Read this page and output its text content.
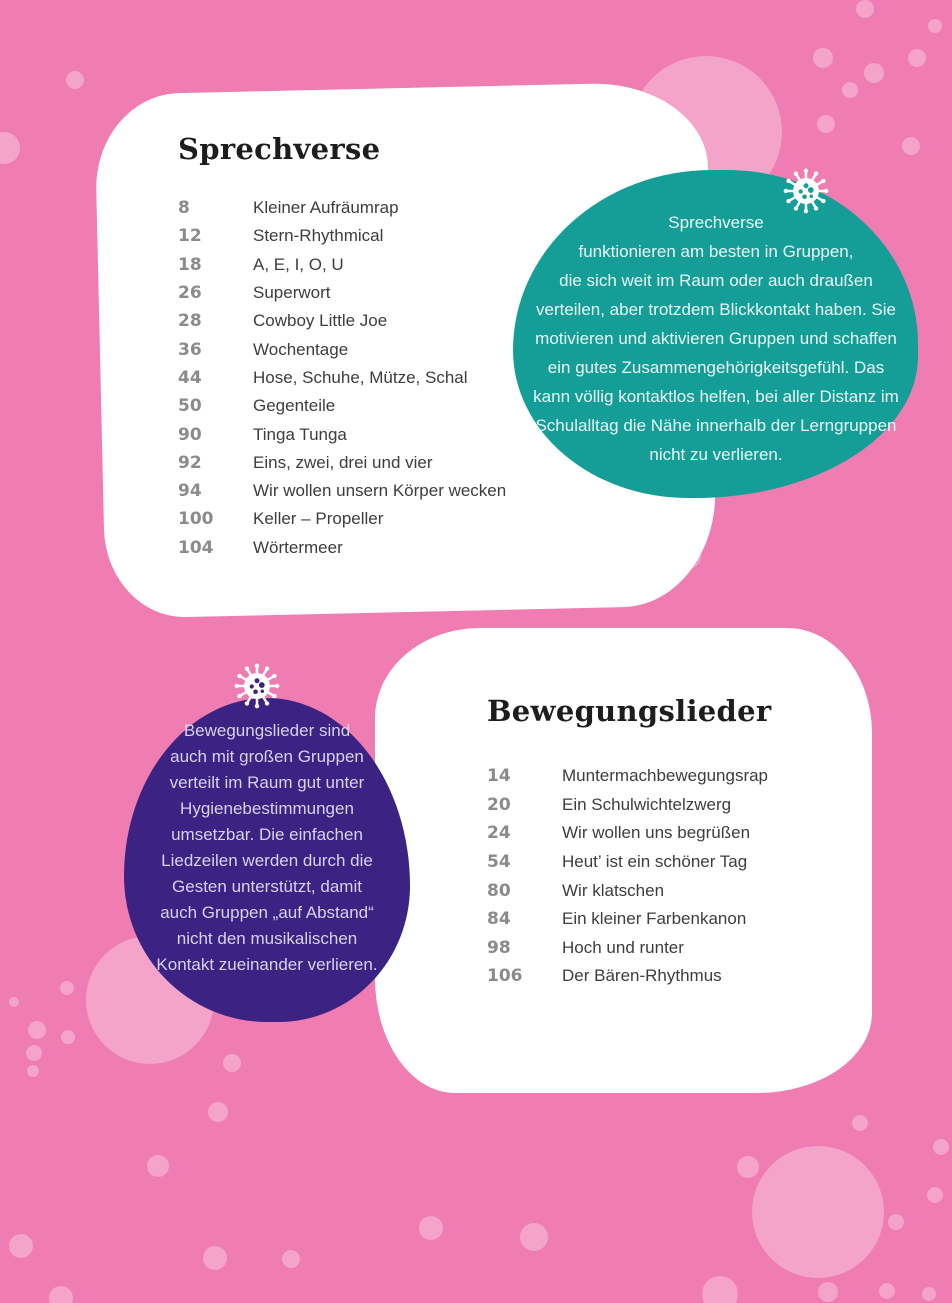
Sprechverse
8	Kleiner Aufräumrap
12	Stern-Rhythmical
18	A, E, I, O, U
26	Superwort
28	Cowboy Little Joe
36	Wochentage
44	Hose, Schuhe, Mütze, Schal
50	Gegenteile
90	Tinga Tunga
92	Eins, zwei, drei und vier
94	Wir wollen unsern Körper wecken
100	Keller – Propeller
104	Wörtermeer
Bewegungslieder
14	Muntermachbewegungsrap
20	Ein Schulwichtelzwerg
24	Wir wollen uns begrüßen
54	Heut’ ist ein schöner Tag
80	Wir klatschen
84	Ein kleiner Farbenkanon
98	Hoch und runter
106	Der Bären-Rhythmus
Sprechverse
funktionieren am besten in Gruppen,
die sich weit im Raum oder auch draußen
verteilen, aber trotzdem Blickkontakt haben. Sie
motivieren und aktivieren Gruppen und schaffen
ein gutes Zusammengehörigkeitsgefühl. Das
kann völlig kontaktlos helfen, bei aller Distanz im
Schulalltag die Nähe innerhalb der Lerngruppen
nicht zu verlieren.
Bewegungslieder sind
auch mit großen Gruppen
verteilt im Raum gut unter
Hygienebestimmungen
umsetzbar. Die einfachen
Liedzeilen werden durch die
Gesten unterstützt, damit
auch Gruppen „auf Abstand“
nicht den musikalischen
Kontakt zueinander verlieren.
